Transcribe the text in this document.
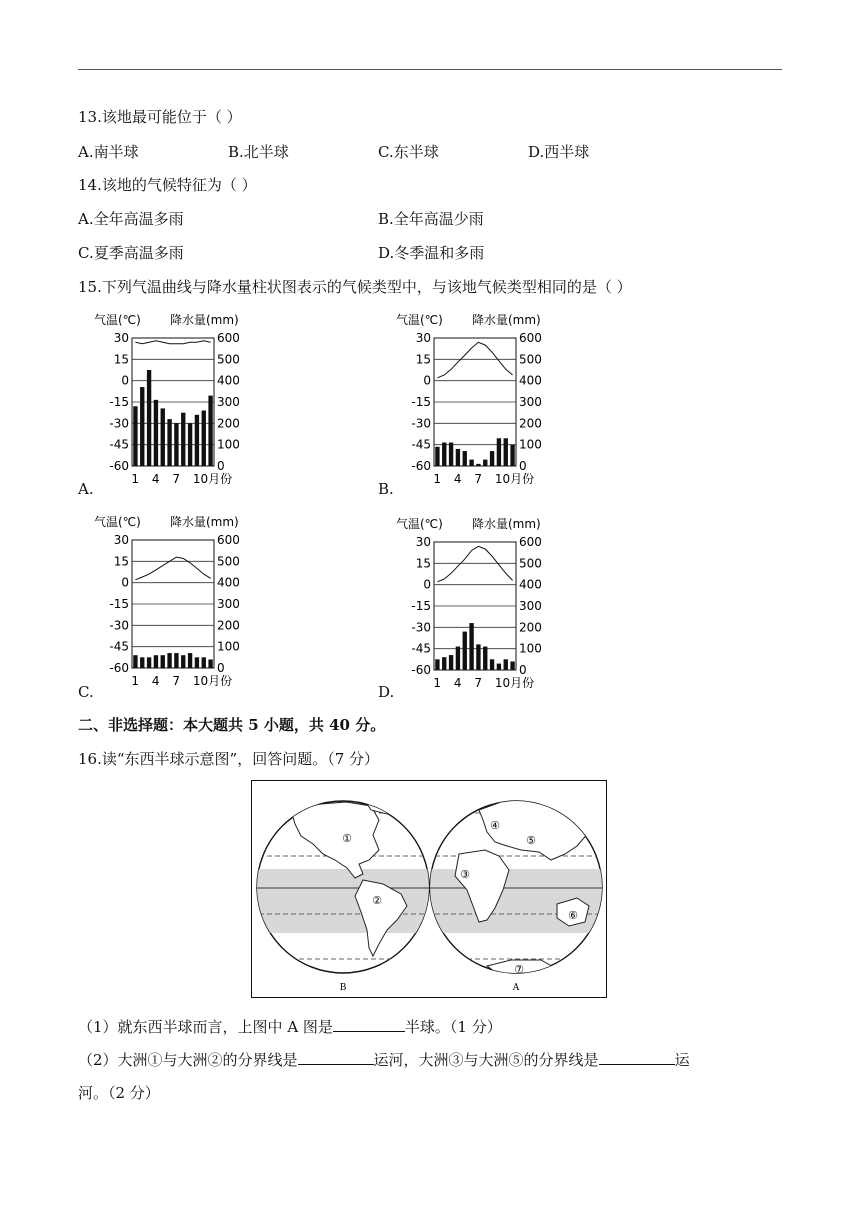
13.该地最可能位于（ ）
A.南半球	B.北半球	C.东半球	D.西半球
14.该地的气候特征为（ ）
A.全年高温多雨	B.全年高温少雨
C.夏季高温多雨	D.冬季温和多雨
15.下列气温曲线与降水量柱状图表示的气候类型中，与该地气候类型相同的是（ ）
A.	B.
C.	D.
气温(℃) 降水量(mm)
30
15
0
-15
-30
-45
-60
600
500
400
300
200
100
0
1 4 7 10月份
气温(℃) 降水量(mm)
30
15
0
-15
-30
-45
-60
600
500
400
300
200
100
0
1 4 7 10月份
气温(℃) 降水量(mm)
30
15
0
-15
-30
-45
-60
600
500
400
300
200
100
0
1 4 7 10月份
气温(℃) 降水量(mm)
30
15
0
-15
-30
-45
-60
600
500
400
300
200
100
0
1 4 7 10月份
二、非选择题：本大题共 5 小题，共 40 分。
16.读“东西半球示意图”，回答问题。（7 分）
①
②
④
⑤
③
⑥
⑦
B	A
（1）就东西半球而言，上图中 A 图是	半球。（1 分）
（2）大洲①与大洲②的分界线是	运河，大洲③与大洲⑤的分界线是	运
河。（2 分）
